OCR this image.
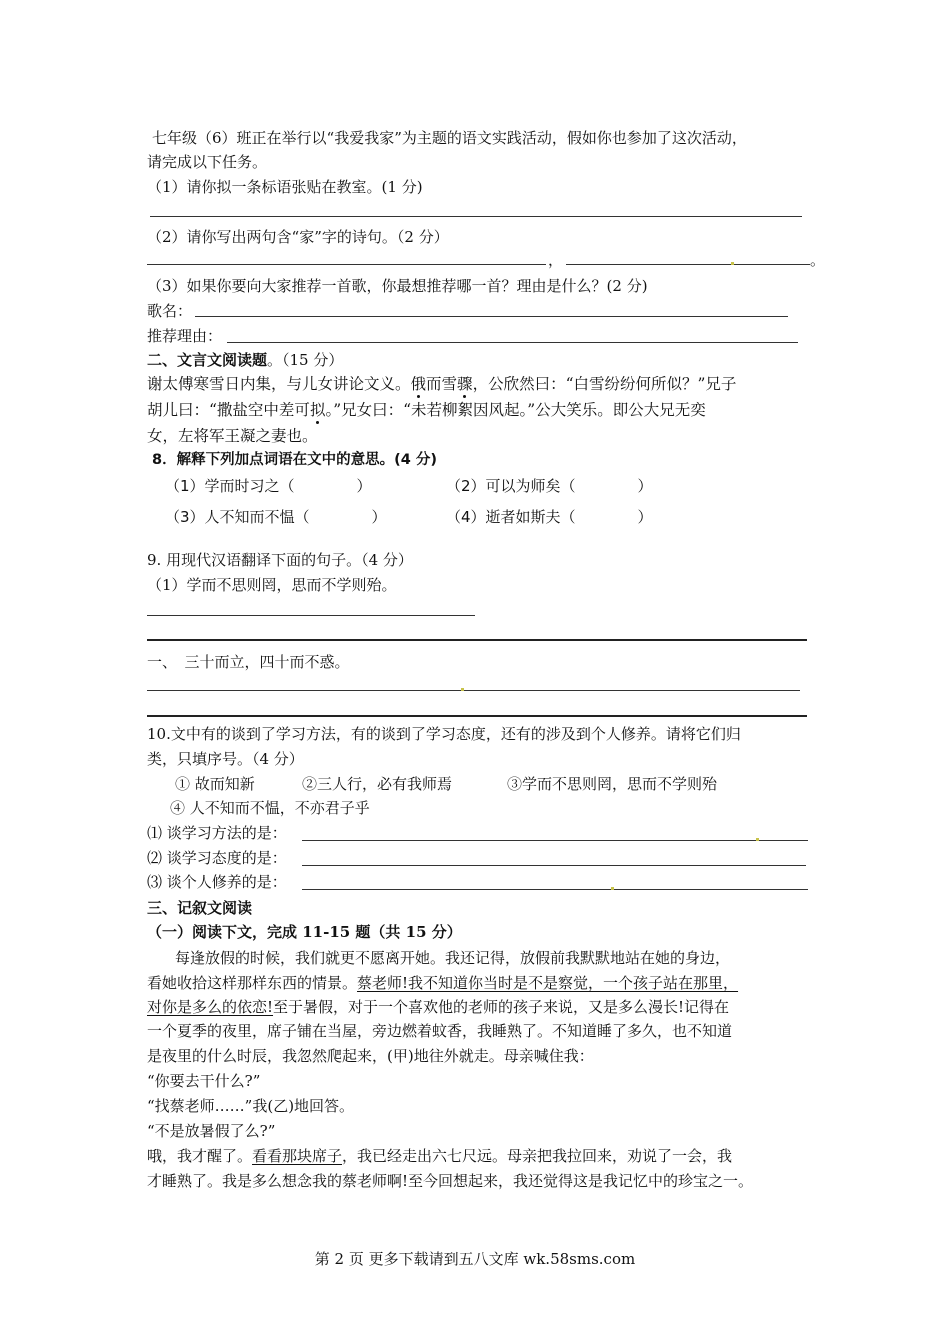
七年级（6）班正在举行以“我爱我家”为主题的语文实践活动，假如你也参加了这次活动，
请完成以下任务。
（1）请你拟一条标语张贴在教室。(1 分)
（2）请你写出两句含“家”字的诗句。（2 分）
，	。
（3）如果你要向大家推荐一首歌，你最想推荐哪一首？理由是什么？(2 分)
歌名：
推荐理由：
二、文言文阅读题。（15 分）
谢太傅寒雪日内集，与儿女讲论文义。俄而雪骤，公欣然曰：“白雪纷纷何所似？”兄子
胡儿曰：“撒盐空中差可拟。”兄女曰：“未若柳絮因风起。”公大笑乐。即公大兄无奕
女，左将军王凝之妻也。
8．解释下列加点词语在文中的意思。(4 分)
（1）学而时习之（	）	（2）可以为师矣（	）
（3）人不知而不愠（	）	（4）逝者如斯夫（	）
9. 用现代汉语翻译下面的句子。（4 分）
（1）学而不思则罔，思而不学则殆。
一、　三十而立，四十而不惑。
10.文中有的谈到了学习方法，有的谈到了学习态度，还有的涉及到个人修养。请将它们归
类，只填序号。（4 分）
① 故而知新	②三人行，必有我师焉	③学而不思则罔，思而不学则殆
④ 人不知而不愠，不亦君子乎
⑴ 谈学习方法的是：
⑵ 谈学习态度的是：
⑶ 谈个人修养的是：
三、记叙文阅读
（一）阅读下文，完成 11-15 题（共 15 分）
每逢放假的时候，我们就更不愿离开她。我还记得，放假前我默默地站在她的身边，
看她收拾这样那样东西的情景。蔡老师!我不知道你当时是不是察觉，一个孩子站在那里，
对你是多么的依恋!至于暑假，对于一个喜欢他的老师的孩子来说，又是多么漫长!记得在
一个夏季的夜里，席子铺在当屋，旁边燃着蚊香，我睡熟了。不知道睡了多久，也不知道
是夜里的什么时辰，我忽然爬起来，(甲)地往外就走。母亲喊住我：
“你要去干什么?”
“找蔡老师……”我(乙)地回答。
“不是放暑假了么?”
哦，我才醒了。看看那块席子，我已经走出六七尺远。母亲把我拉回来，劝说了一会，我
才睡熟了。我是多么想念我的蔡老师啊!至今回想起来，我还觉得这是我记忆中的珍宝之一。
第 2 页 更多下载请到五八文库 wk.58sms.com
